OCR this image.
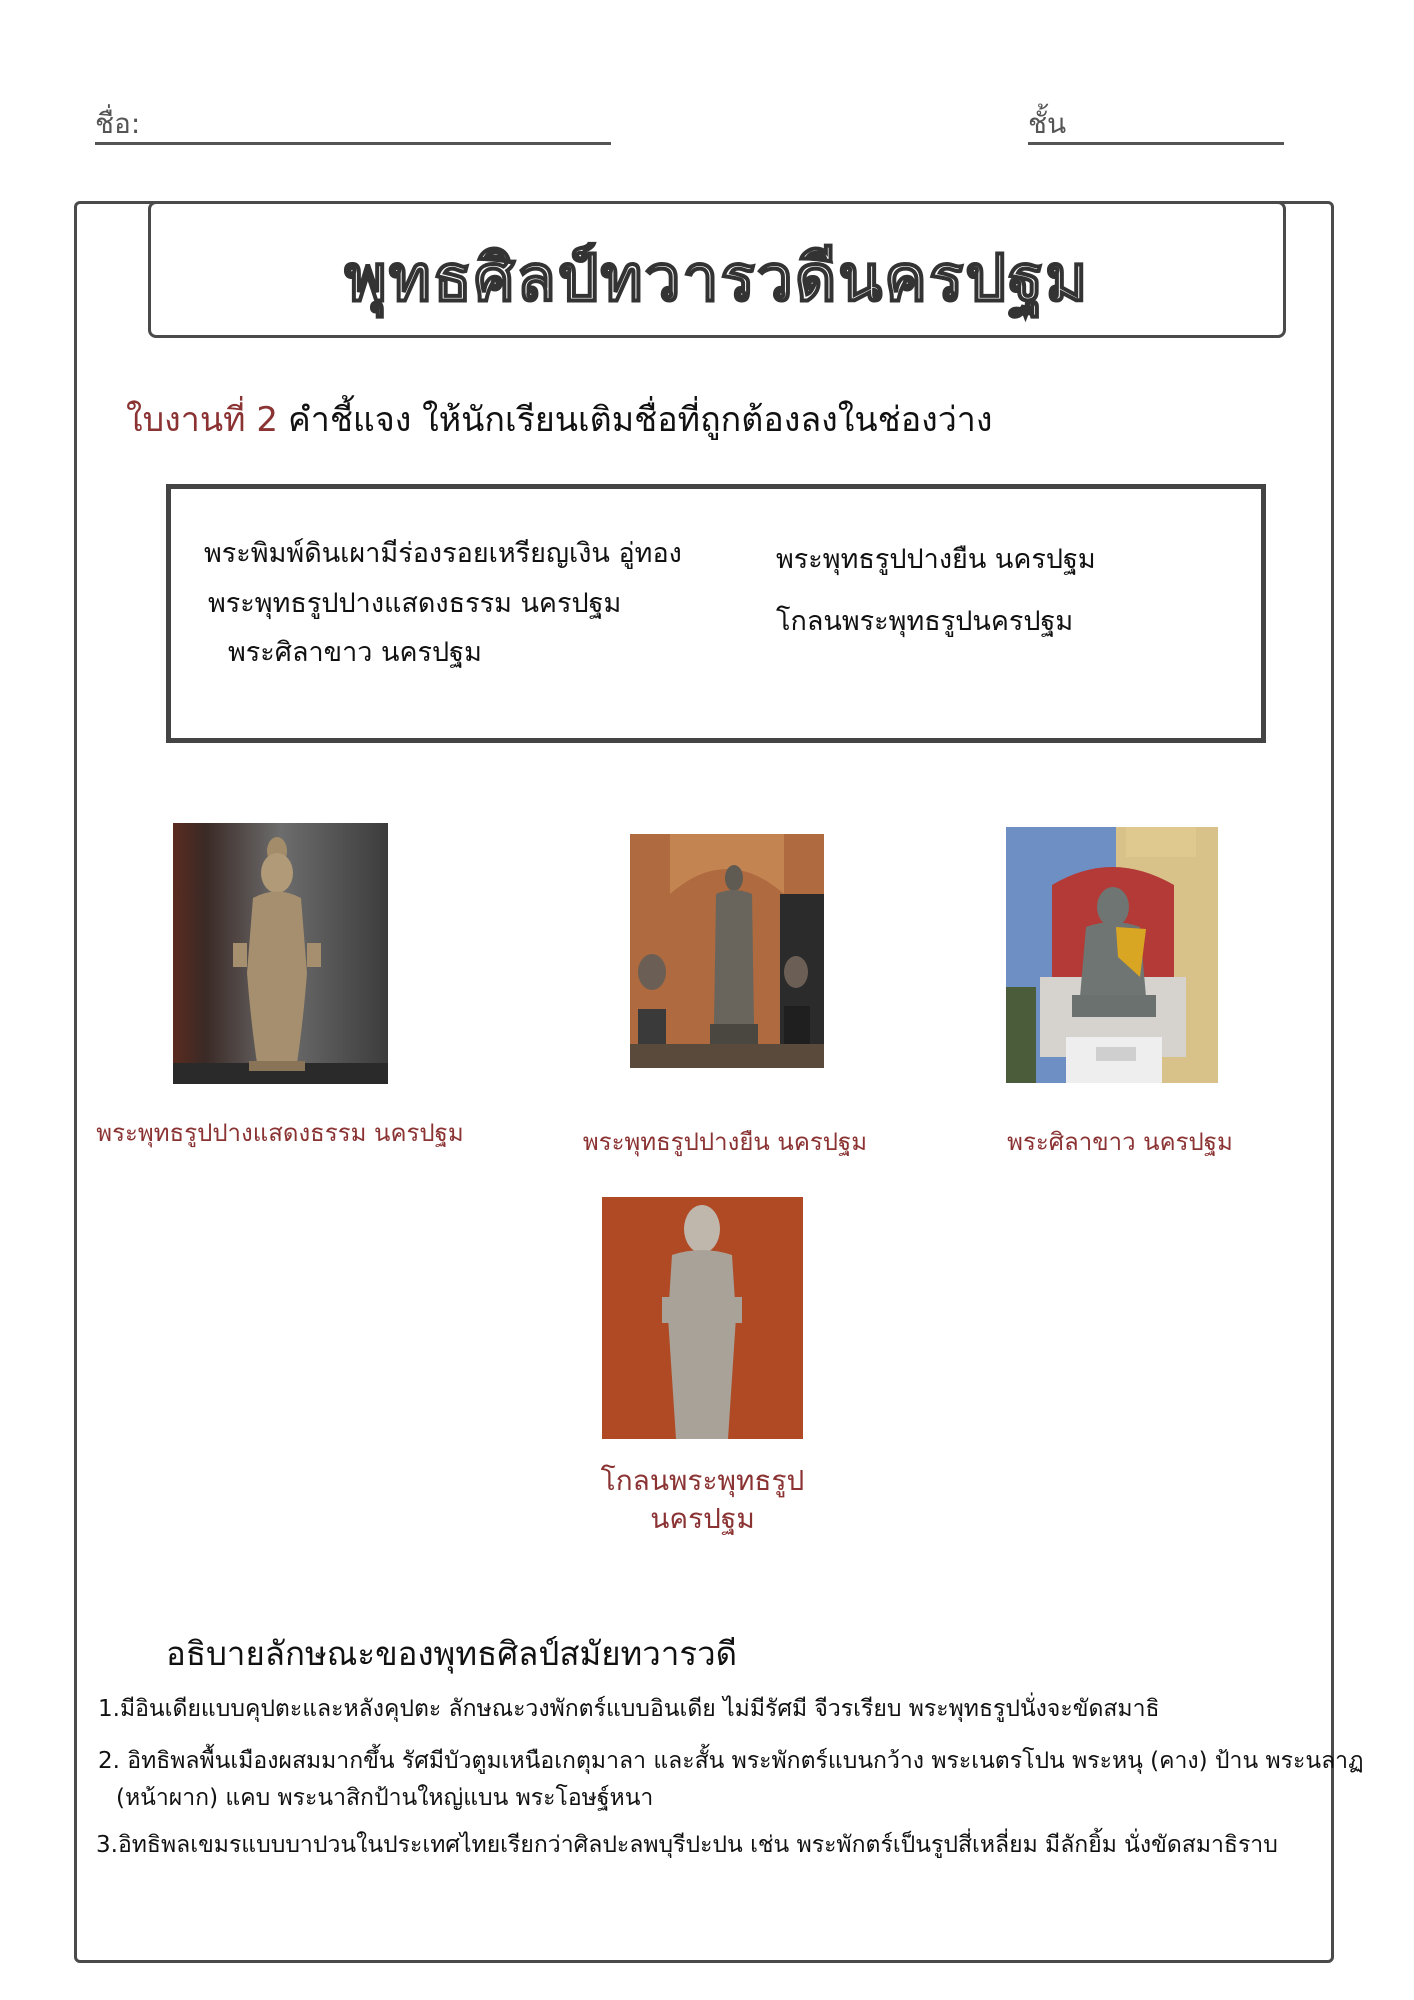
ชื่อ:	ชั้น
พุทธศิลป์ทวารวดีนครปฐม
ใบงานที่ 2 คำชี้แจง ให้นักเรียนเติมชื่อที่ถูกต้องลงในช่องว่าง
พระพิมพ์ดินเผามีร่องรอยเหรียญเงิน อู่ทอง
พระพุทธรูปปางแสดงธรรม นครปฐม
พระศิลาขาว นครปฐม
พระพุทธรูปปางยืน นครปฐม
โกลนพระพุทธรูปนครปฐม
พระพุทธรูปปางแสดงธรรม นครปฐม	พระพุทธรูปปางยืน นครปฐม	พระศิลาขาว นครปฐม
โกลนพระพุทธรูป
นครปฐม
อธิบายลักษณะของพุทธศิลป์สมัยทวารวดี
1.มีอินเดียแบบคุปตะและหลังคุปตะ ลักษณะวงพักตร์แบบอินเดีย ไม่มีรัศมี จีวรเรียบ พระพุทธรูปนั่งจะขัดสมาธิ
2. อิทธิพลพื้นเมืองผสมมากขึ้น รัศมีบัวตูมเหนือเกตุมาลา และสั้น พระพักตร์แบนกว้าง พระเนตรโปน พระหนุ (คาง) ป้าน พระนลาฏ
(หน้าผาก) แคบ พระนาสิกป้านใหญ่แบน พระโอษฐ์หนา
3.อิทธิพลเขมรแบบบาปวนในประเทศไทยเรียกว่าศิลปะลพบุรีปะปน เช่น พระพักตร์เป็นรูปสี่เหลี่ยม มีลักยิ้ม นั่งขัดสมาธิราบ
